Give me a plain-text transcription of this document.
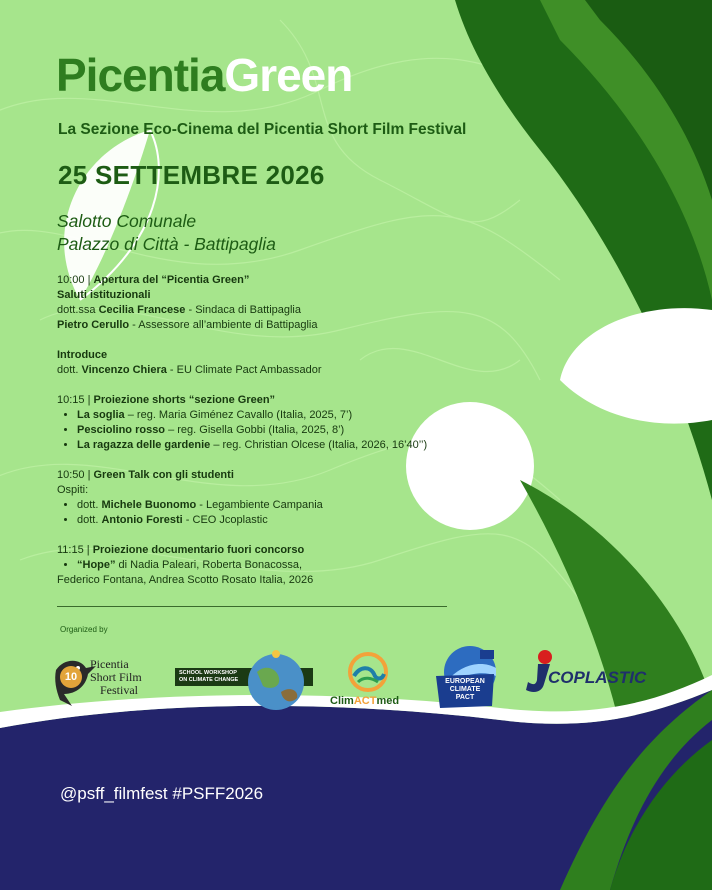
PicentiaGreen
La Sezione Eco-Cinema del Picentia Short Film Festival
25 SETTEMBRE 2026
Salotto Comunale
Palazzo di Città - Battipaglia

10:00 | Apertura del “Picentia Green”

Saluti istituzionali

dott.ssa Cecilia Francese - Sindaca di Battipaglia

Pietro Cerullo - Assessore all’ambiente di Battipaglia

Introduce

dott. Vincenzo Chiera - EU Climate Pact Ambassador

10:15 | Proiezione shorts “sezione Green”

• La soglia – reg. Maria Giménez Cavallo (Italia, 2025, 7’)
• Pesciolino rosso – reg. Gisella Gobbi (Italia, 2025, 8’)
• La ragazza delle gardenie – reg. Christian Olcese (Italia, 2026, 16’40’’)

10:50 | Green Talk con gli studenti

Ospiti:

• dott. Michele Buonomo - Legambiente Campania
• dott. Antonio Foresti - CEO Jcoplastic

11:15 | Proiezione documentario fuori concorso

• “Hope” di Nadia Paleari, Roberta Bonacossa,

Federico Fontana, Andrea Scotto Rosato Italia, 2026

Organized by
10
Picentia
Short Film
Festival
SCHOOL WORKSHOP
ON CLIMATE CHANGE
ClimACTmed
EUROPEAN
CLIMATE
PACT
COPLASTIC
@psff_filmfest #PSFF2026
